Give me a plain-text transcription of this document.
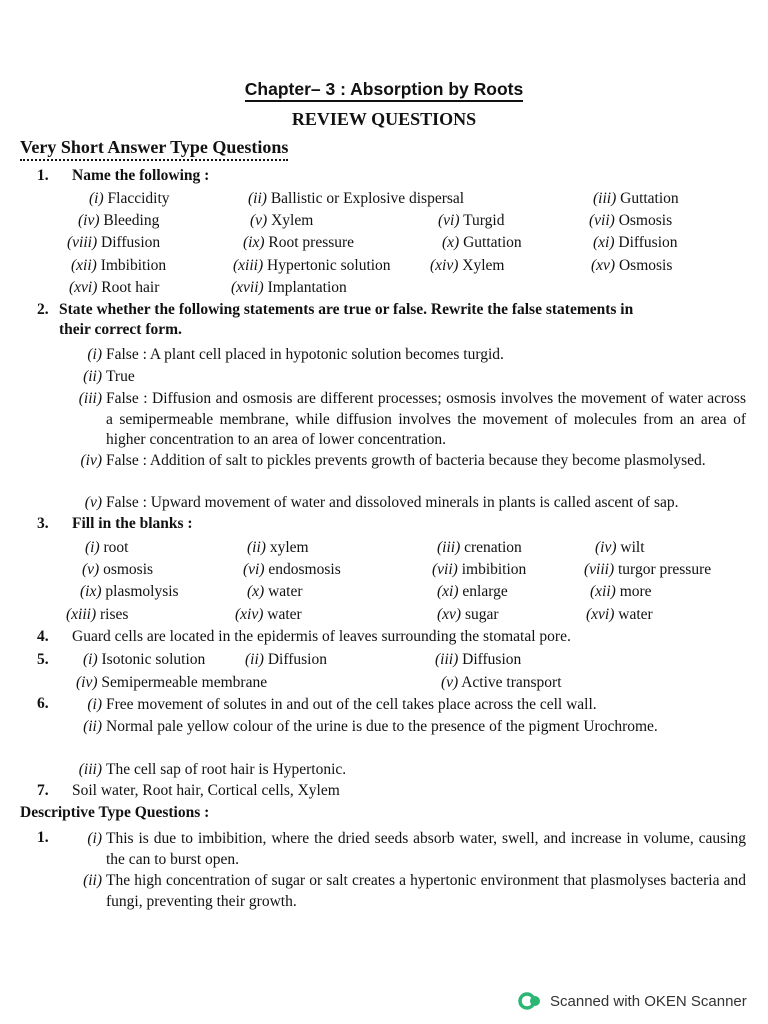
Chapter– 3 : Absorption by Roots
REVIEW QUESTIONS
Very Short Answer Type Questions
1. Name the following :
(i) Flaccidity	(ii) Ballistic or Explosive dispersal	(iii) Guttation
(iv) Bleeding	(v) Xylem	(vi) Turgid	(vii) Osmosis
(viii) Diffusion	(ix) Root pressure	(x) Guttation	(xi) Diffusion
(xii) Imbibition	(xiii) Hypertonic solution	(xiv) Xylem	(xv) Osmosis
(xvi) Root hair	(xvii) Implantation
2. State whether the following statements are true or false. Rewrite the false statements in
their correct form.
(i) False : A plant cell placed in hypotonic solution becomes turgid.
(ii) True
(iii) False : Diffusion and osmosis are different processes; osmosis involves the movement of water across a semipermeable membrane, while diffusion involves the movement of molecules from an area of higher concentration to an area of lower concentration.
(iv) False : Addition of salt to pickles prevents growth of bacteria because they become plasmolysed.
(v) False : Upward movement of water and dissoloved minerals in plants is called ascent of sap.
3. Fill in the blanks :
(i) root	(ii) xylem	(iii) crenation	(iv) wilt
(v) osmosis	(vi) endosmosis	(vii) imbibition	(viii) turgor pressure
(ix) plasmolysis	(x) water	(xi) enlarge	(xii) more
(xiii) rises	(xiv) water	(xv) sugar	(xvi) water
4. Guard cells are located in the epidermis of leaves surrounding the stomatal pore.
5. (i) Isotonic solution	(ii) Diffusion	(iii) Diffusion
(iv) Semipermeable membrane	(v) Active transport
6.	(i) Free movement of solutes in and out of the cell takes place across the cell wall.
(ii) Normal pale yellow colour of the urine is due to the presence of the pigment Urochrome.
(iii) The cell sap of root hair is Hypertonic.
7. Soil water, Root hair, Cortical cells, Xylem
Descriptive Type Questions :
1.	(i) This is due to imbibition, where the dried seeds absorb water, swell, and increase in volume, causing the can to burst open.
(ii) The high concentration of sugar or salt creates a hypertonic environment that plasmolyses bacteria and fungi, preventing their growth.
Scanned with OKEN Scanner
